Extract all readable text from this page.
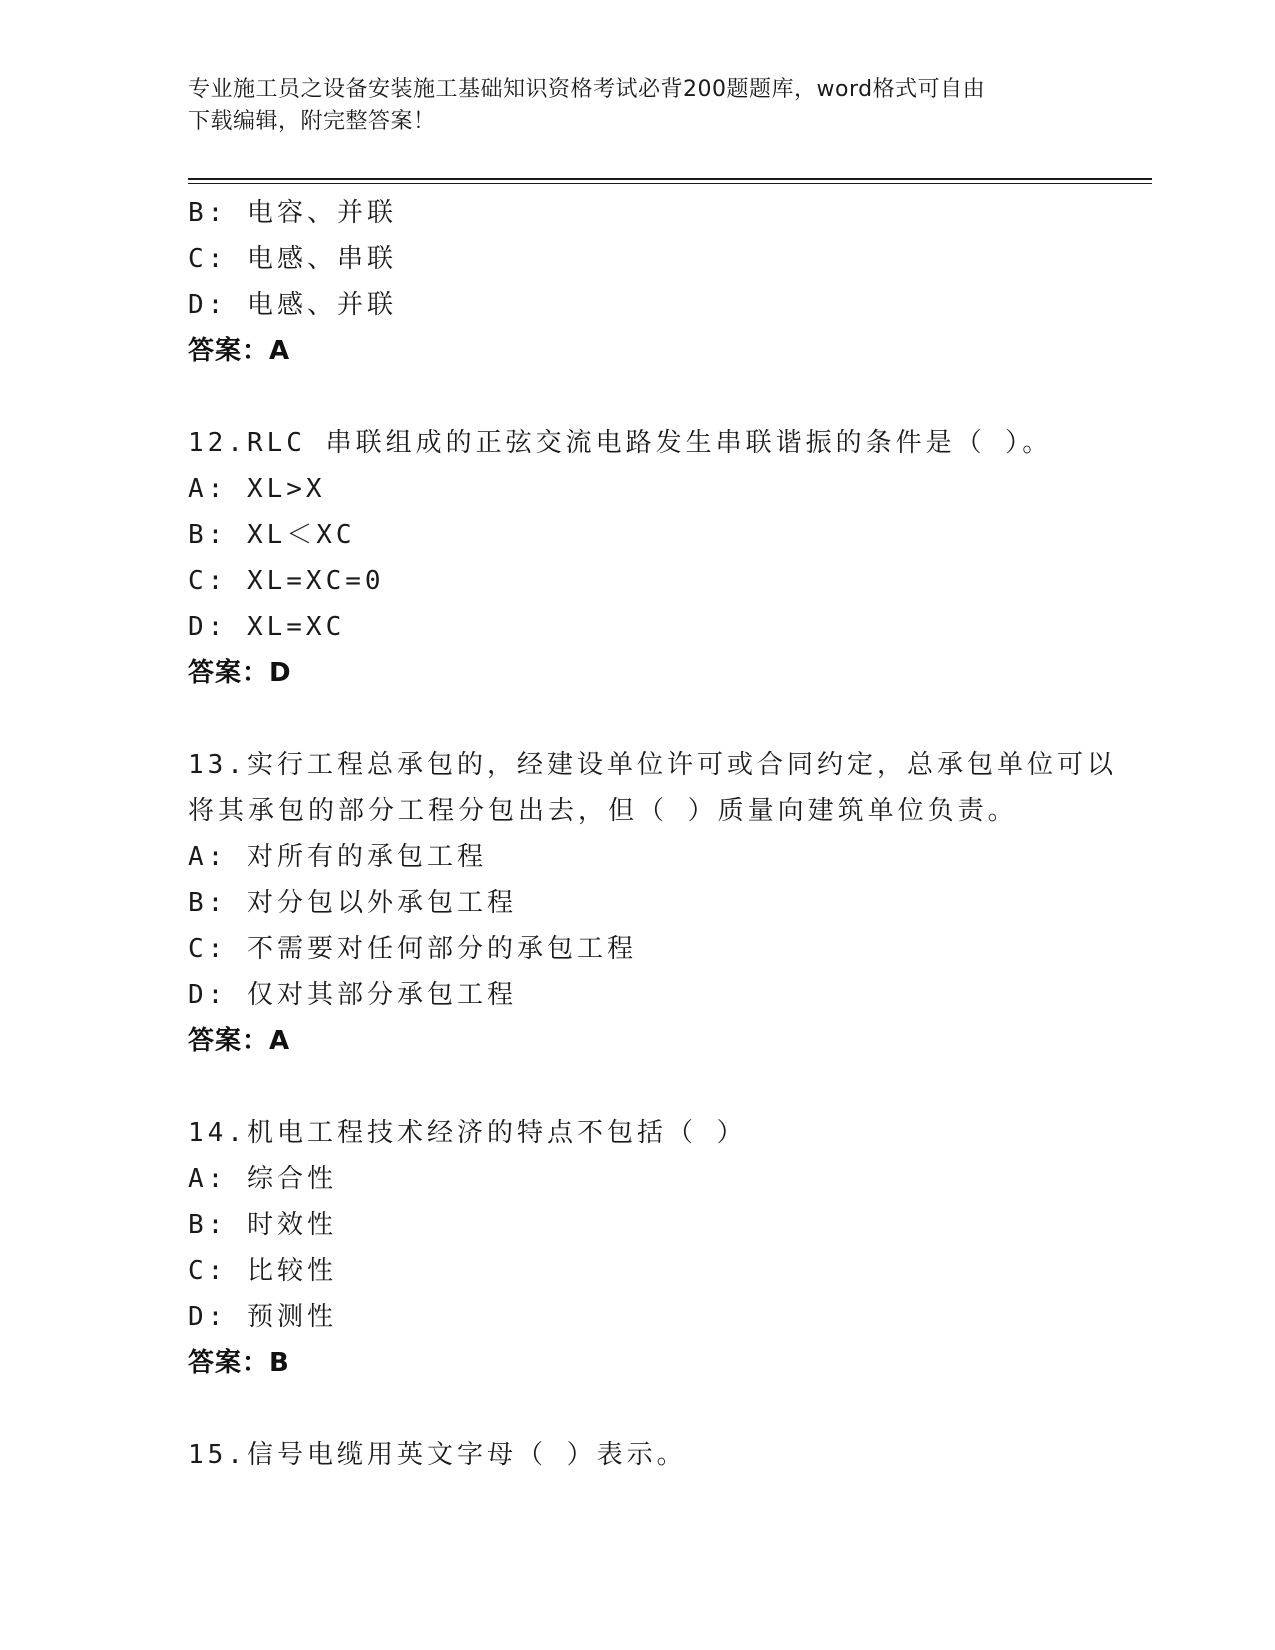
专业施工员之设备安装施工基础知识资格考试必背200题题库，word格式可自由
下载编辑，附完整答案！
B: 电容、并联
C: 电感、串联
D: 电感、并联
答案：A
12.RLC 串联组成的正弦交流电路发生串联谐振的条件是（ ）。
A: XL>X
B: XL＜XC
C: XL=XC=0
D: XL=XC
答案：D
13.实行工程总承包的，经建设单位许可或合同约定，总承包单位可以
将其承包的部分工程分包出去，但（ ）质量向建筑单位负责。
A: 对所有的承包工程
B: 对分包以外承包工程
C: 不需要对任何部分的承包工程
D: 仅对其部分承包工程
答案：A
14.机电工程技术经济的特点不包括（ ）
A: 综合性
B: 时效性
C: 比较性
D: 预测性
答案：B
15.信号电缆用英文字母（ ）表示。
